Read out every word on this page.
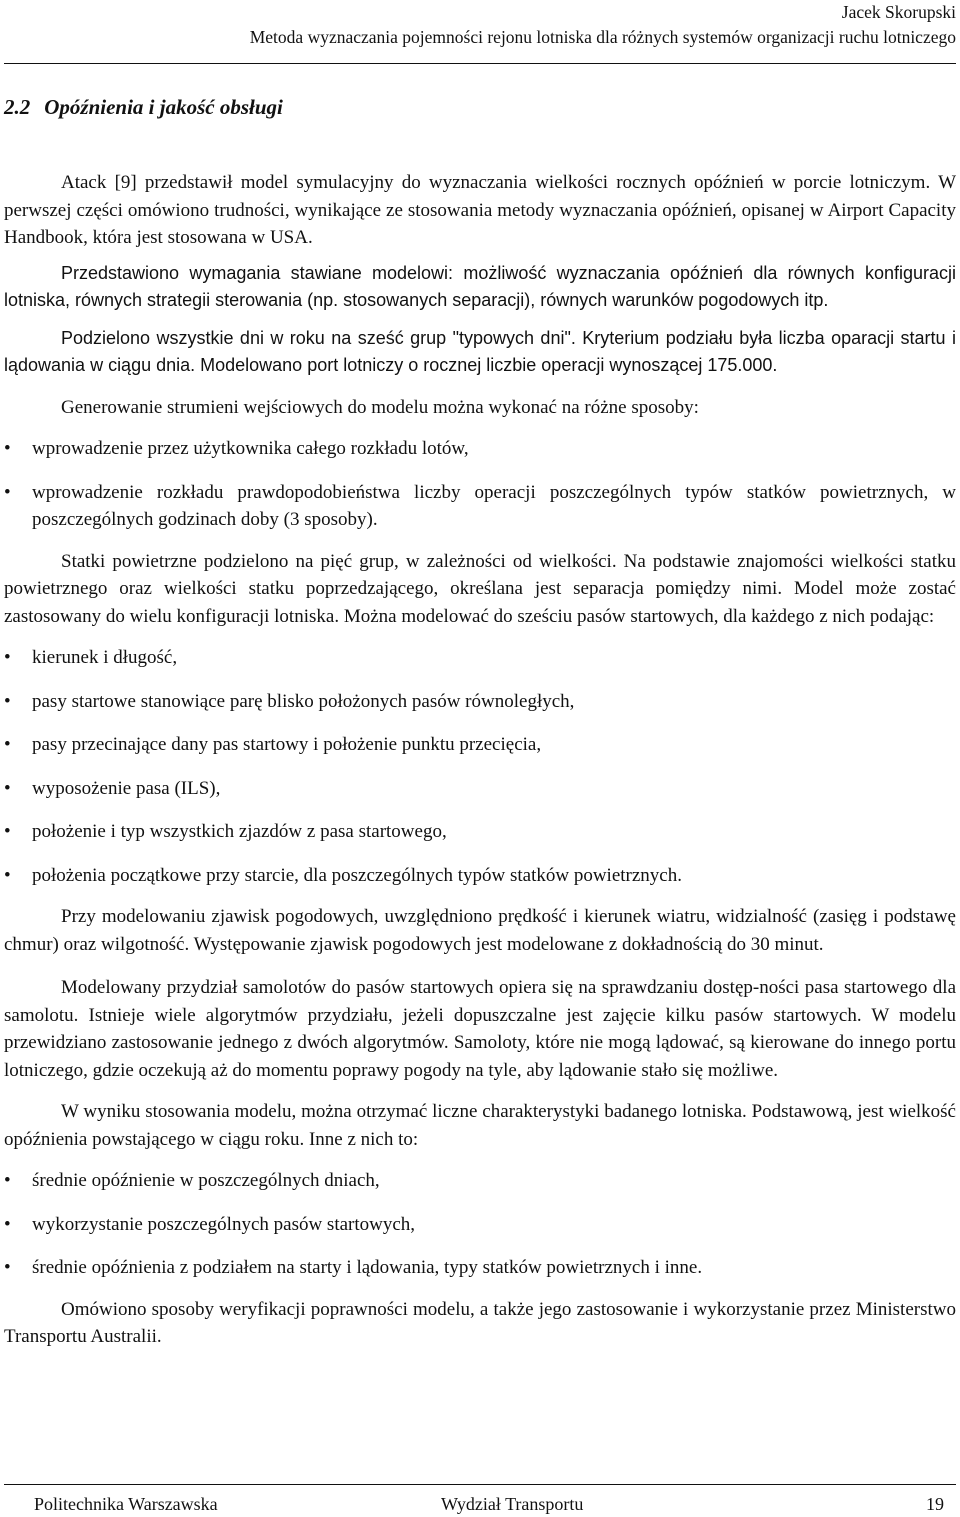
Jacek Skorupski
Metoda wyznaczania pojemności rejonu lotniska dla różnych systemów organizacji ruchu lotniczego
2.2 Opóźnienia i jakość obsługi

Atack [9] przedstawił model symulacyjny do wyznaczania wielkości rocznych opóźnień w porcie lotniczym. W perwszej części omówiono trudności, wynikające ze stosowania metody wyznaczania opóźnień, opisanej w Airport Capacity Handbook, która jest stosowana w USA.

Przedstawiono wymagania stawiane modelowi: możliwość wyznaczania opóźnień dla równych konfiguracji lotniska, równych strategii sterowania (np. stosowanych separacji), równych warunków pogodowych itp.

Podzielono wszystkie dni w roku na sześć grup "typowych dni". Kryterium podziału była liczba oparacji startu i lądowania w ciągu dnia. Modelowano port lotniczy o rocznej liczbie operacji wynoszącej 175.000.

Generowanie strumieni wejściowych do modelu można wykonać na różne sposoby:

• wprowadzenie przez użytkownika całego rozkładu lotów,
• wprowadzenie rozkładu prawdopodobieństwa liczby operacji poszczególnych typów statków powietrznych, w poszczególnych godzinach doby (3 sposoby).

Statki powietrzne podzielono na pięć grup, w zależności od wielkości. Na podstawie znajomości wielkości statku powietrznego oraz wielkości statku poprzedzającego, określana jest separacja pomiędzy nimi. Model może zostać zastosowany do wielu konfiguracji lotniska. Można modelować do sześciu pasów startowych, dla każdego z nich podając:

• kierunek i długość,
• pasy startowe stanowiące parę blisko położonych pasów równoległych,
• pasy przecinające dany pas startowy i położenie punktu przecięcia,
• wyposożenie pasa (ILS),
• położenie i typ wszystkich zjazdów z pasa startowego,
• położenia początkowe przy starcie, dla poszczególnych typów statków powietrznych.

Przy modelowaniu zjawisk pogodowych, uwzględniono prędkość i kierunek wiatru, widzialność (zasięg i podstawę chmur) oraz wilgotność. Występowanie zjawisk pogodowych jest modelowane z dokładnością do 30 minut.

Modelowany przydział samolotów do pasów startowych opiera się na sprawdzaniu dostęp-ności pasa startowego dla samolotu. Istnieje wiele algorytmów przydziału, jeżeli dopuszczalne jest zajęcie kilku pasów startowych. W modelu przewidziano zastosowanie jednego z dwóch algorytmów. Samoloty, które nie mogą lądować, są kierowane do innego portu lotniczego, gdzie oczekują aż do momentu poprawy pogody na tyle, aby lądowanie stało się możliwe.

W wyniku stosowania modelu, można otrzymać liczne charakterystyki badanego lotniska. Podstawową, jest wielkość opóźnienia powstającego w ciągu roku. Inne z nich to:

• średnie opóźnienie w poszczególnych dniach,
• wykorzystanie poszczególnych pasów startowych,
• średnie opóźnienia z podziałem na starty i lądowania, typy statków powietrznych i inne.

Omówiono sposoby weryfikacji poprawności modelu, a także jego zastosowanie i wykorzystanie przez Ministerstwo Transportu Australii.

Politechnika Warszawska	Wydział Transportu	19
